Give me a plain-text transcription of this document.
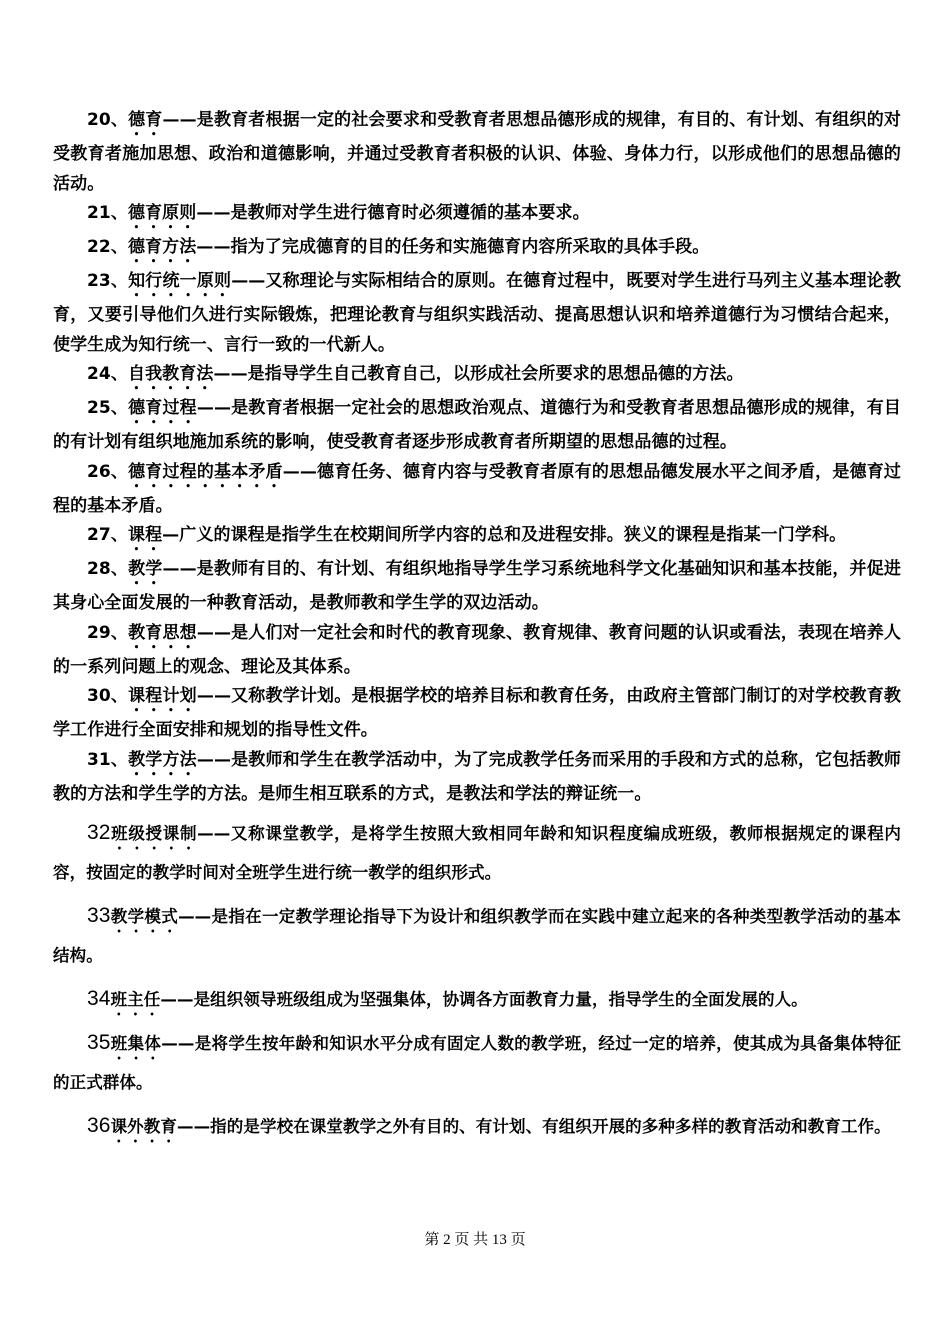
20、德育——是教育者根据一定的社会要求和受教育者思想品德形成的规律，有目的、有计划、有组织的对受教育者施加思想、政治和道德影响，并通过受教育者积极的认识、体验、身体力行，以形成他们的思想品德的活动。

21、德育原则——是教师对学生进行德育时必须遵循的基本要求。

22、德育方法——指为了完成德育的目的任务和实施德育内容所采取的具体手段。

23、知行统一原则——又称理论与实际相结合的原则。在德育过程中，既要对学生进行马列主义基本理论教育，又要引导他们久进行实际锻炼，把理论教育与组织实践活动、提高思想认识和培养道德行为习惯结合起来，使学生成为知行统一、言行一致的一代新人。

24、自我教育法——是指导学生自己教育自己，以形成社会所要求的思想品德的方法。

25、德育过程——是教育者根据一定社会的思想政治观点、道德行为和受教育者思想品德形成的规律，有目的有计划有组织地施加系统的影响，使受教育者逐步形成教育者所期望的思想品德的过程。

26、德育过程的基本矛盾——德育任务、德育内容与受教育者原有的思想品德发展水平之间矛盾，是德育过程的基本矛盾。

27、课程—广义的课程是指学生在校期间所学内容的总和及进程安排。狭义的课程是指某一门学科。

28、教学——是教师有目的、有计划、有组织地指导学生学习系统地科学文化基础知识和基本技能，并促进其身心全面发展的一种教育活动，是教师教和学生学的双边活动。

29、教育思想——是人们对一定社会和时代的教育现象、教育规律、教育问题的认识或看法，表现在培养人的一系列问题上的观念、理论及其体系。

30、课程计划——又称教学计划。是根据学校的培养目标和教育任务，由政府主管部门制订的对学校教育教学工作进行全面安排和规划的指导性文件。

31、教学方法——是教师和学生在教学活动中，为了完成教学任务而采用的手段和方式的总称，它包括教师教的方法和学生学的方法。是师生相互联系的方式，是教法和学法的辩证统一。

32班级授课制——又称课堂教学，是将学生按照大致相同年龄和知识程度编成班级，教师根据规定的课程内容，按固定的教学时间对全班学生进行统一教学的组织形式。

33教学模式——是指在一定教学理论指导下为设计和组织教学而在实践中建立起来的各种类型教学活动的基本结构。

34班主任——是组织领导班级组成为坚强集体，协调各方面教育力量，指导学生的全面发展的人。

35班集体——是将学生按年龄和知识水平分成有固定人数的教学班，经过一定的培养，使其成为具备集体特征的正式群体。

36课外教育——指的是学校在课堂教学之外有目的、有计划、有组织开展的多种多样的教育活动和教育工作。

第 2 页 共 13 页
